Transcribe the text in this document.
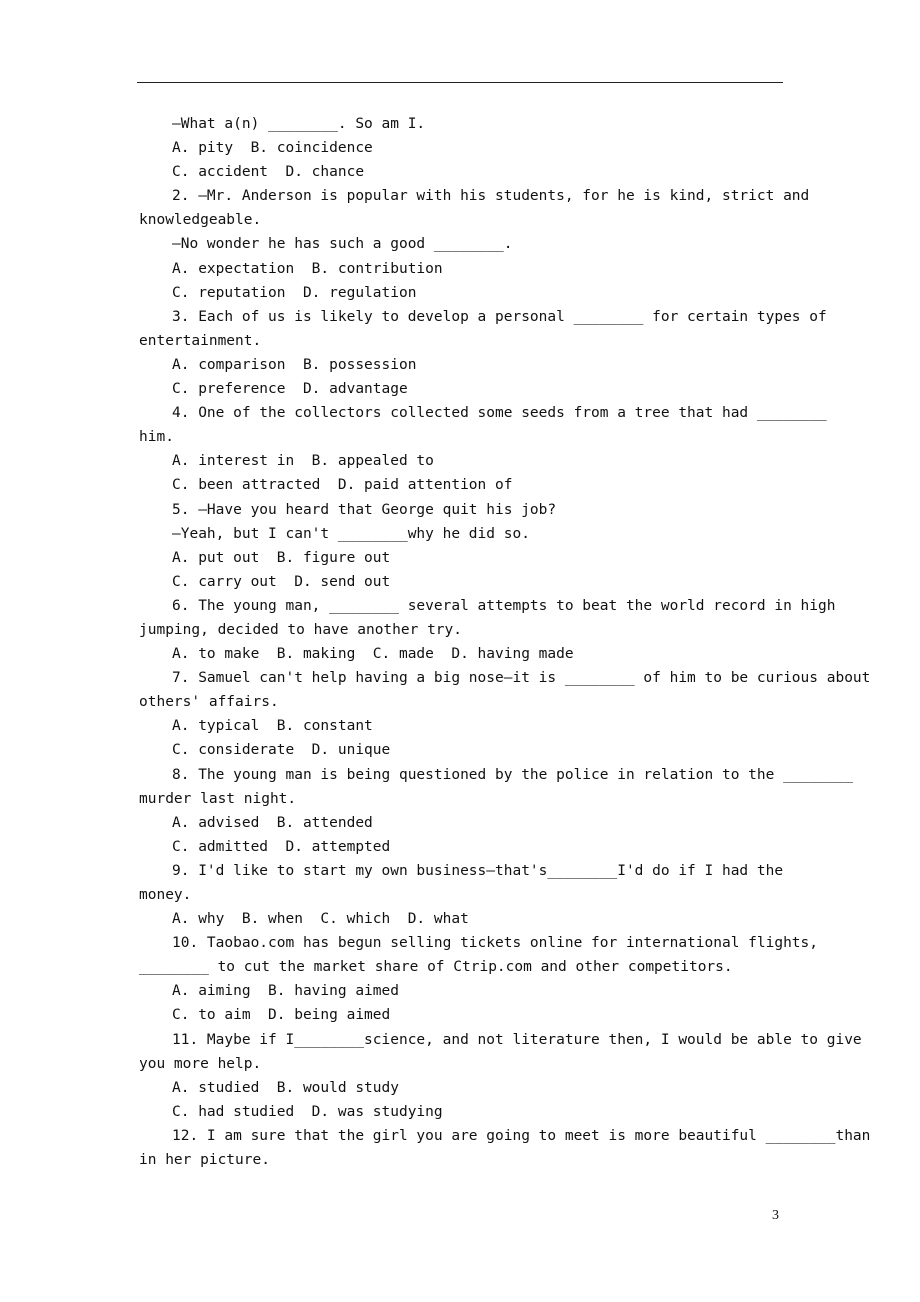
—What a(n) ________. So am I.
A. pity  B. coincidence
C. accident  D. chance
2. —Mr. Anderson is popular with his students, for he is kind, strict and
knowledgeable.
—No wonder he has such a good ________.
A. expectation  B. contribution
C. reputation  D. regulation
3. Each of us is likely to develop a personal ________ for certain types of
entertainment.
A. comparison  B. possession
C. preference  D. advantage
4. One of the collectors collected some seeds from a tree that had ________
him.
A. interest in  B. appealed to
C. been attracted  D. paid attention of
5. —Have you heard that George quit his job?
—Yeah, but I can't ________why he did so.
A. put out  B. figure out
C. carry out  D. send out
6. The young man, ________ several attempts to beat the world record in high
jumping, decided to have another try.
A. to make  B. making  C. made  D. having made
7. Samuel can't help having a big nose—it is ________ of him to be curious about
others' affairs.
A. typical  B. constant
C. considerate  D. unique
8. The young man is being questioned by the police in relation to the ________
murder last night.
A. advised  B. attended
C. admitted  D. attempted
9. I'd like to start my own business—that's________I'd do if I had the
money.
A. why  B. when  C. which  D. what
10. Taobao.com has begun selling tickets online for international flights,
________ to cut the market share of Ctrip.com and other competitors.
A. aiming  B. having aimed
C. to aim  D. being aimed
11. Maybe if I________science, and not literature then, I would be able to give
you more help.
A. studied  B. would study
C. had studied  D. was studying
12. I am sure that the girl you are going to meet is more beautiful ________than
in her picture.
3
